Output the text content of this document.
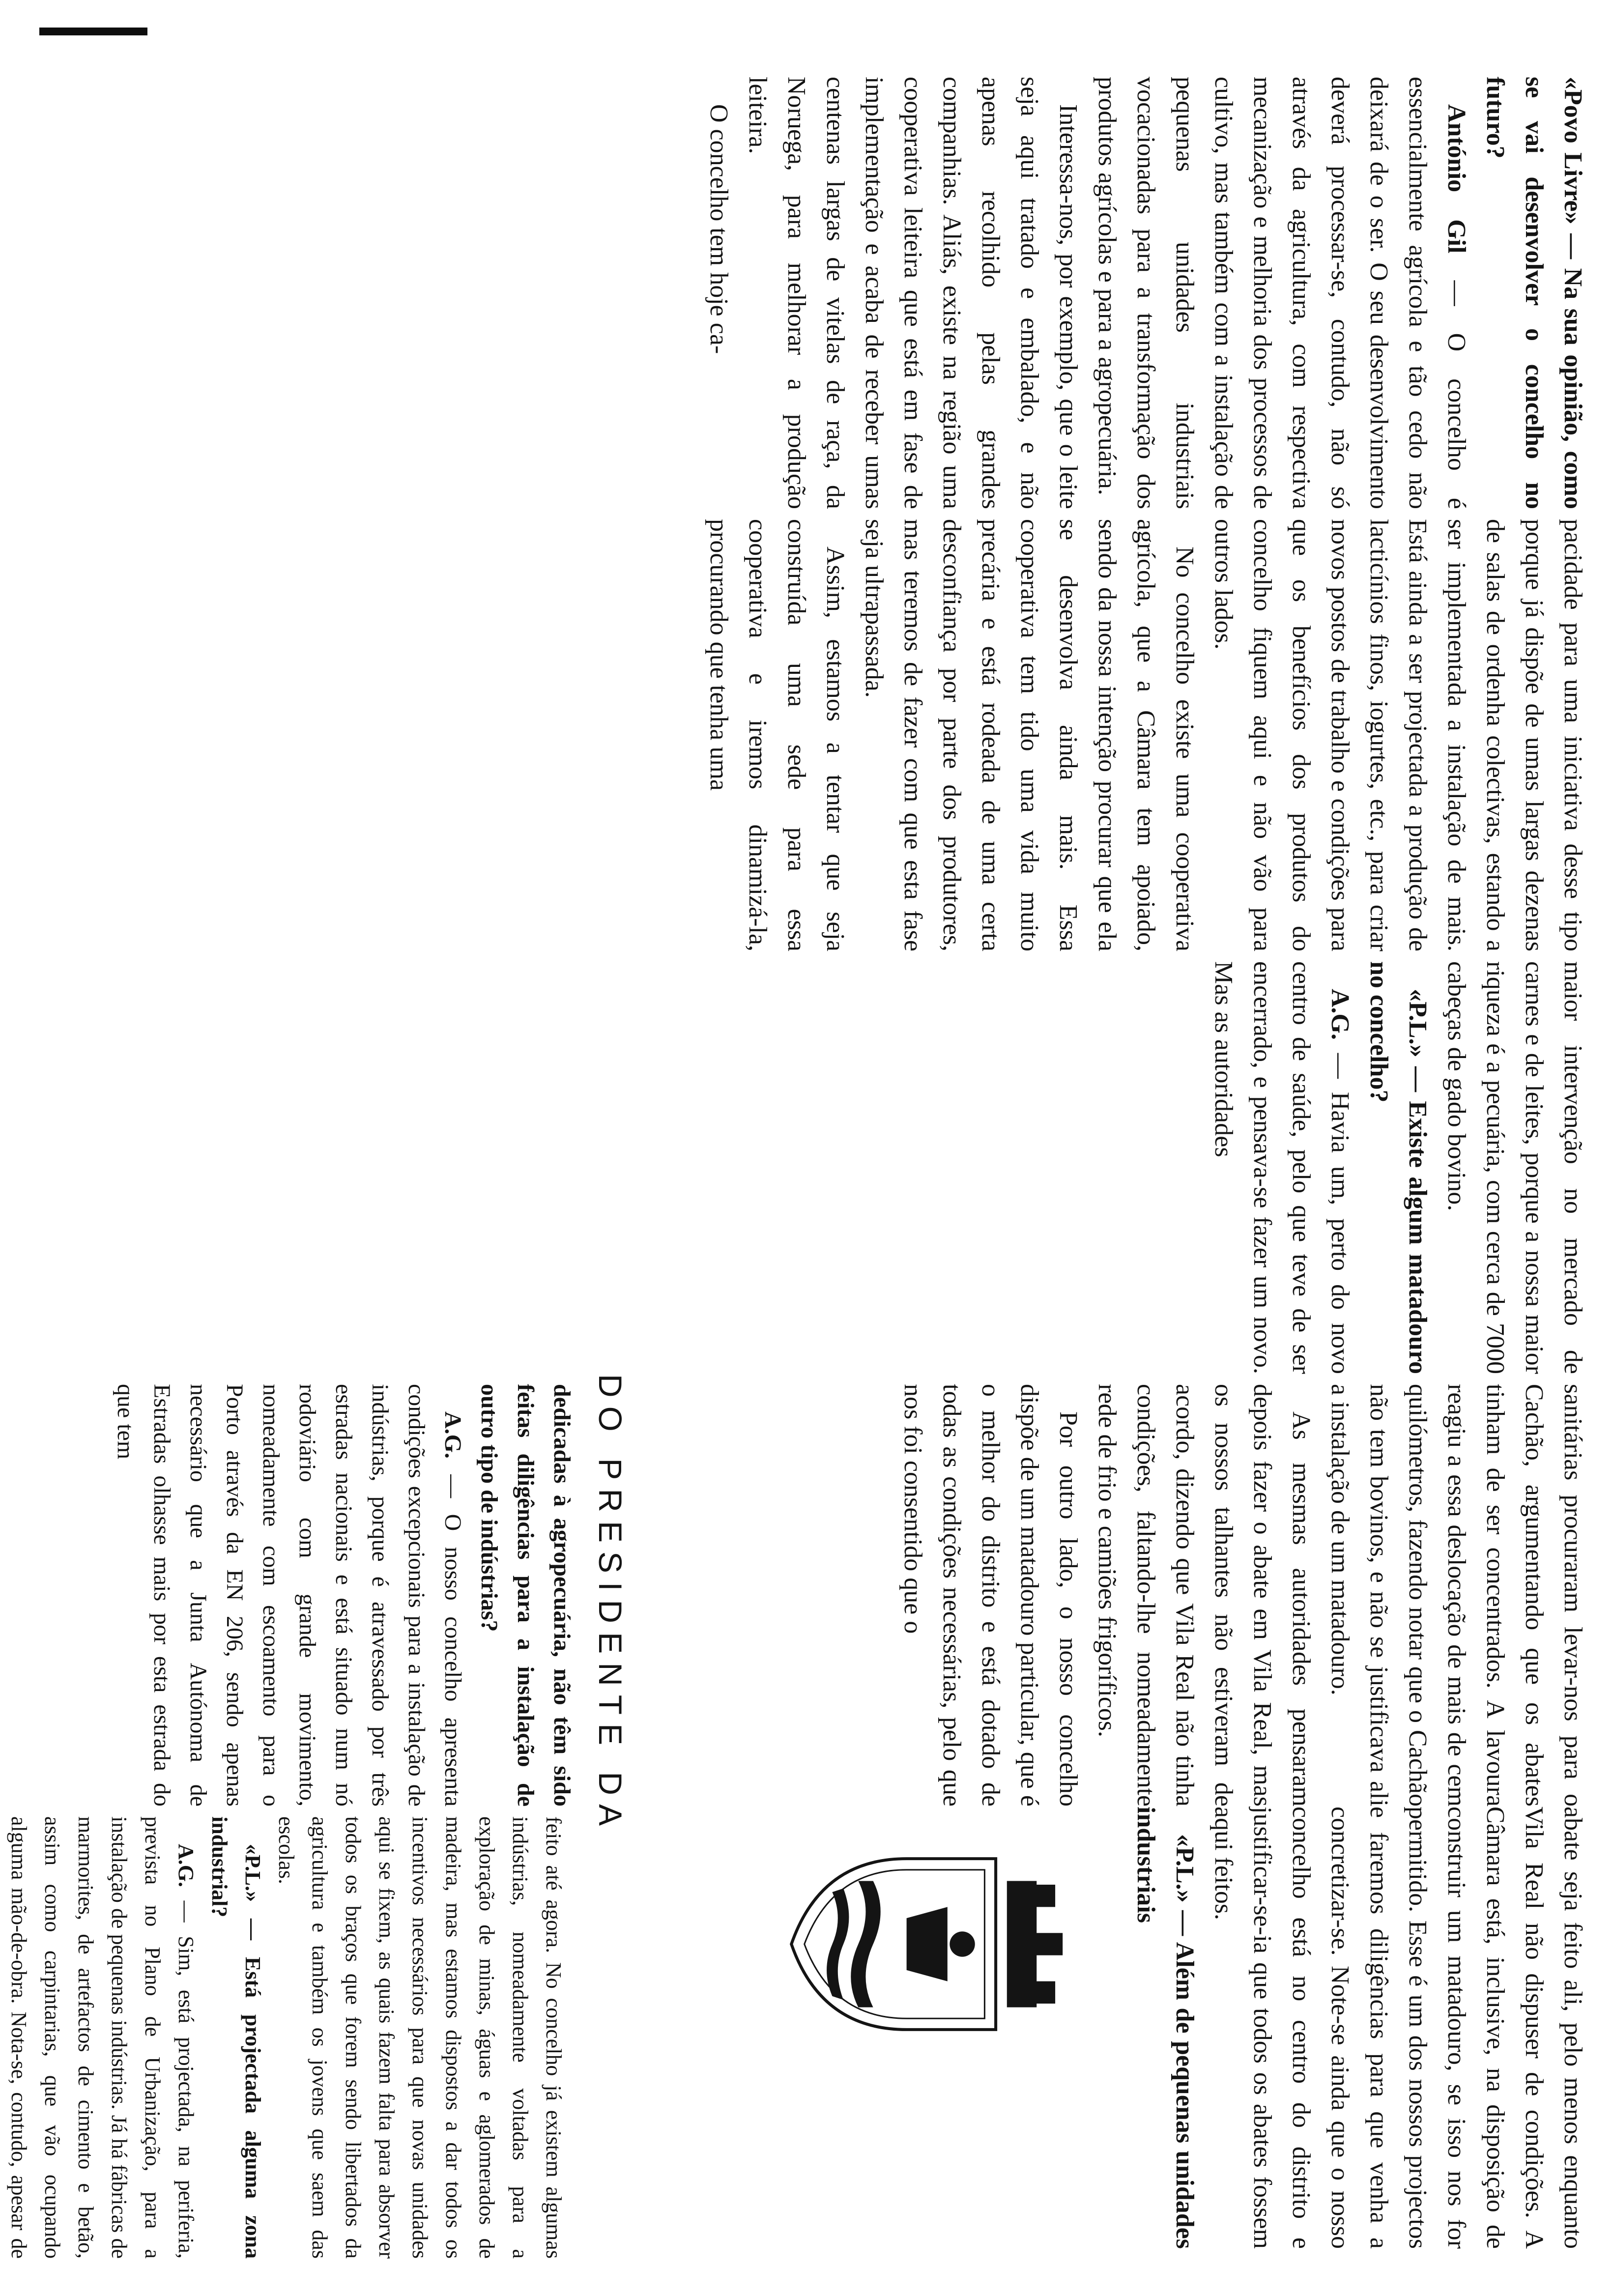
«Povo Livre» — Na sua opinião, como se vai desenvolver o concelho no futuro?

António Gil — O concelho é essencialmente agrícola e tão cedo não deixará de o ser. O seu desenvolvimento deverá processar-se, contudo, não só através da agricultura, com respectiva mecanização e melhoria dos processos de cultivo, mas também com a instalação de pequenas unidades industriais vocacionadas para a transformação dos produtos agrícolas e para a agropecuária.

Interessa-nos, por exemplo, que o leite seja aqui tratado e embalado, e não apenas recolhido pelas grandes companhias. Aliás, existe na região uma cooperativa leiteira que está em fase de implementação e acaba de receber umas centenas largas de vitelas de raça, da Noruega, para melhorar a produção leiteira.

O concelho tem hoje ca-

pacidade para uma iniciativa desse tipo porque já dispõe de umas largas dezenas de salas de ordenha colectivas, estando a ser implementada a instalação de mais. Está ainda a ser projectada a produção de lacticínios finos, iogurtes, etc., para criar novos postos de trabalho e condições para que os benefícios dos produtos do concelho fiquem aqui e não vão para outros lados.

No concelho existe uma cooperativa agrícola, que a Câmara tem apoiado, sendo da nossa intenção procurar que ela se desenvolva ainda mais. Essa cooperativa tem tido uma vida muito precária e está rodeada de uma certa desconfiança por parte dos produtores, mas teremos de fazer com que esta fase seja ultrapassada.

Assim, estamos a tentar que seja construída uma sede para essa cooperativa e iremos dinamizá-la, procurando que tenha uma

maior intervenção no mercado de carnes e de leites, porque a nossa maior riqueza é a pecuária, com cerca de 7000 cabeças de gado bovino.

«P.L.» — Existe algum matadouro no concelho?

A.G. — Havia um, perto do novo centro de saúde, pelo que teve de ser encerrado, e pensava-se fazer um novo. Mas as autoridades

sanitárias procuraram levar-nos para o Cachão, argumentando que os abates tinham de ser concentrados. A lavoura reagiu a essa deslocação de mais de cem quilómetros, fazendo notar que o Cachão não tem bovinos, e não se justificava ali a instalação de um matadouro.

As mesmas autoridades pensaram depois fazer o abate em Vila Real, mas os nossos talhantes não estiveram de acordo, dizendo que Vila Real não tinha condições, faltando-lhe nomeadamente rede de frio e camiões frigoríficos.

Por outro lado, o nosso concelho dispõe de um matadouro particular, que é o melhor do distrito e está dotado de todas as condições necessárias, pelo que nos foi consentido que o

abate seja feito ali, pelo menos enquanto Vila Real não dispuser de condições. A Câmara está, inclusive, na disposição de construir um matadouro, se isso nos for permitido. Esse é um dos nossos projectos e faremos diligências para que venha a concretizar-se. Note-se ainda que o nosso concelho está no centro do distrito e justificar-se-ia que todos os abates fossem aqui feitos.

«P.L.» — Além de pequenas unidades industriais

DO PRESIDENTE DA

dedicadas à agropecuária, não têm sido feitas diligências para a instalação de outro tipo de indústrias?

A.G. — O nosso concelho apresenta condições excepcionais para a instalação de indústrias, porque é atravessado por três estradas nacionais e está situado num nó rodoviário com grande movimento, nomeadamente com escoamento para o Porto através da EN 206, sendo apenas necessário que a Junta Autónoma de Estradas olhasse mais por esta estrada do que tem

feito até agora. No concelho já existem algumas indústrias, nomeadamente voltadas para a exploração de minas, águas e aglomerados de madeira, mas estamos dispostos a dar todos os incentivos necessários para que novas unidades aqui se fixem, as quais fazem falta para absorver todos os braços que forem sendo libertados da agricultura e também os jovens que saem das escolas.

«P.L.» — Está projectada alguma zona industrial?

A.G. — Sim, está projectada, na periferia, prevista no Plano de Urbanização, para a instalação de pequenas indústrias. Já há fábricas de marmorites, de artefactos de cimento e betão, assim como carpintarias, que vão ocupando alguma mão-de-obra. Nota-se, contudo, apesar de
